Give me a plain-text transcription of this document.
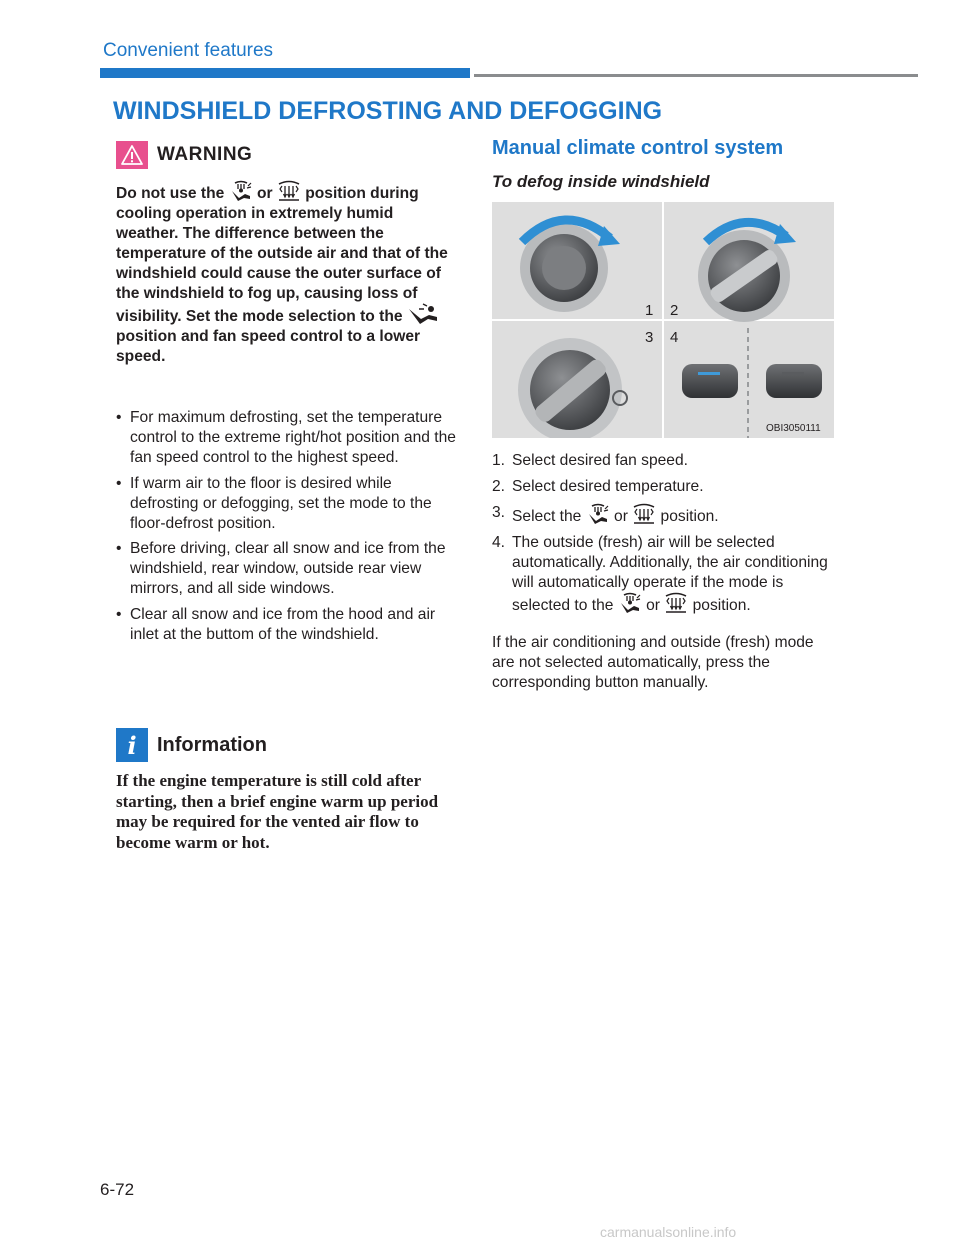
Convenient features
WINDSHIELD DEFROSTING AND DEFOGGING
WARNING
Do not use the  or  position during cooling operation in extremely humid weather. The difference between the temperature of the outside air and that of the windshield could cause the outer surface of the windshield to fog up, causing loss of visibility. Set the mode selection to the  position and fan speed control to a lower speed.
• For maximum defrosting, set the temperature control to the extreme right/hot position and the fan speed control to the highest speed.
• If warm air to the floor is desired while defrosting or defogging, set the mode to the floor-defrost position.
• Before driving, clear all snow and ice from the windshield, rear window, outside rear view mirrors, and all side windows.
• Clear all snow and ice from the hood and air inlet at the buttom of the windshield.
i	Information
If the engine temperature is still cold after starting, then a brief engine warm up period may be required for the vented air flow to become warm or hot.
Manual climate control system
To defog inside windshield
1 2
3 4
OBI3050111
1. Select desired fan speed.
2. Select desired temperature.
3. Select the  or  position.
4. The outside (fresh) air will be selected automatically. Additionally, the air conditioning will automatically operate if the mode is selected to the  or  position.
If the air conditioning and outside (fresh) mode are not selected automatically, press the corresponding button manually.
6-72
carmanualsonline.info
